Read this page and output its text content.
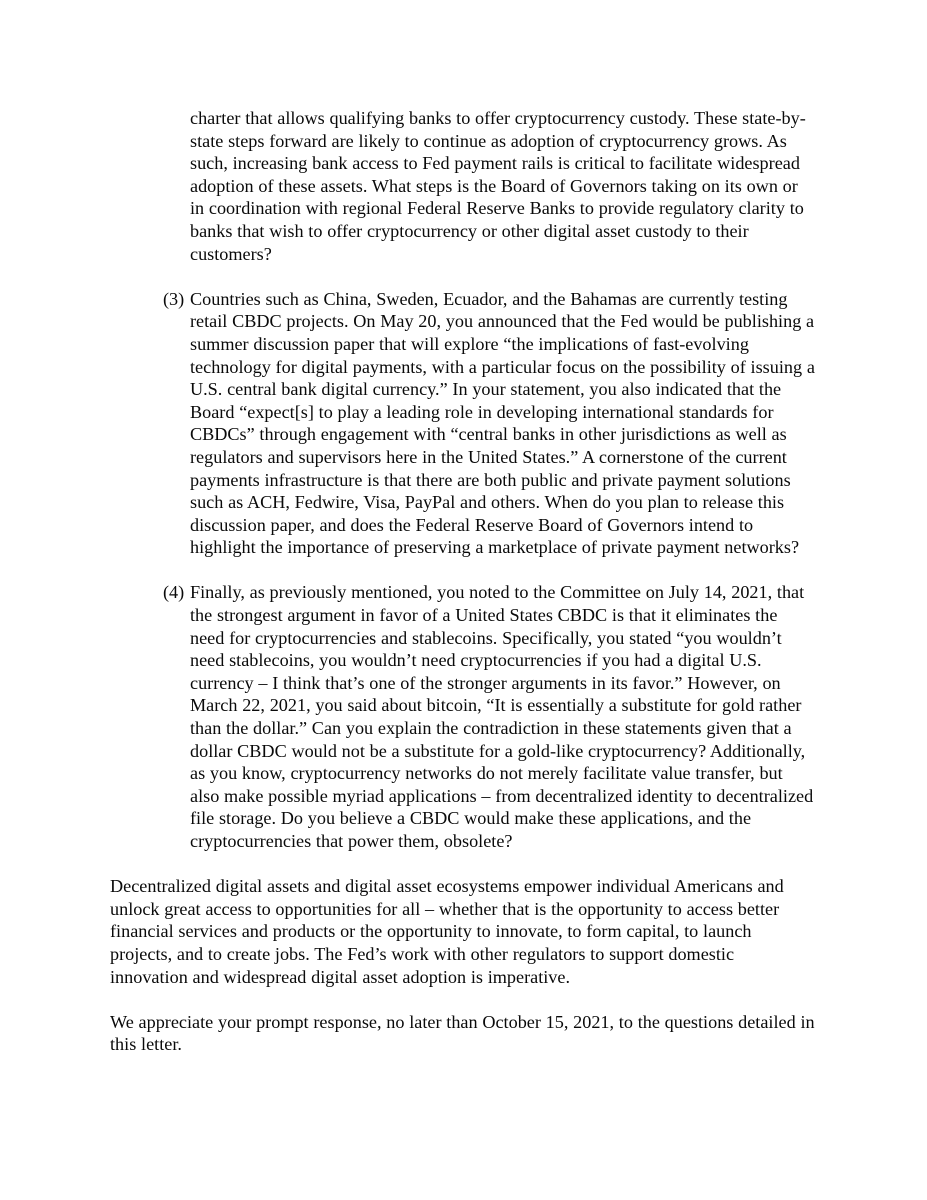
charter that allows qualifying banks to offer cryptocurrency custody. These state-by-state steps forward are likely to continue as adoption of cryptocurrency grows. As such, increasing bank access to Fed payment rails is critical to facilitate widespread adoption of these assets. What steps is the Board of Governors taking on its own or in coordination with regional Federal Reserve Banks to provide regulatory clarity to banks that wish to offer cryptocurrency or other digital asset custody to their customers?

(3) Countries such as China, Sweden, Ecuador, and the Bahamas are currently testing retail CBDC projects. On May 20, you announced that the Fed would be publishing a summer discussion paper that will explore “the implications of fast-evolving technology for digital payments, with a particular focus on the possibility of issuing a U.S. central bank digital currency.” In your statement, you also indicated that the Board “expect[s] to play a leading role in developing international standards for CBDCs” through engagement with “central banks in other jurisdictions as well as regulators and supervisors here in the United States.” A cornerstone of the current payments infrastructure is that there are both public and private payment solutions such as ACH, Fedwire, Visa, PayPal and others. When do you plan to release this discussion paper, and does the Federal Reserve Board of Governors intend to highlight the importance of preserving a marketplace of private payment networks?

(4) Finally, as previously mentioned, you noted to the Committee on July 14, 2021, that the strongest argument in favor of a United States CBDC is that it eliminates the need for cryptocurrencies and stablecoins. Specifically, you stated “you wouldn’t need stablecoins, you wouldn’t need cryptocurrencies if you had a digital U.S. currency – I think that’s one of the stronger arguments in its favor.” However, on March 22, 2021, you said about bitcoin, “It is essentially a substitute for gold rather than the dollar.” Can you explain the contradiction in these statements given that a dollar CBDC would not be a substitute for a gold-like cryptocurrency? Additionally, as you know, cryptocurrency networks do not merely facilitate value transfer, but also make possible myriad applications – from decentralized identity to decentralized file storage. Do you believe a CBDC would make these applications, and the cryptocurrencies that power them, obsolete?

Decentralized digital assets and digital asset ecosystems empower individual Americans and unlock great access to opportunities for all – whether that is the opportunity to access better financial services and products or the opportunity to innovate, to form capital, to launch projects, and to create jobs. The Fed’s work with other regulators to support domestic innovation and widespread digital asset adoption is imperative.

We appreciate your prompt response, no later than October 15, 2021, to the questions detailed in this letter.
